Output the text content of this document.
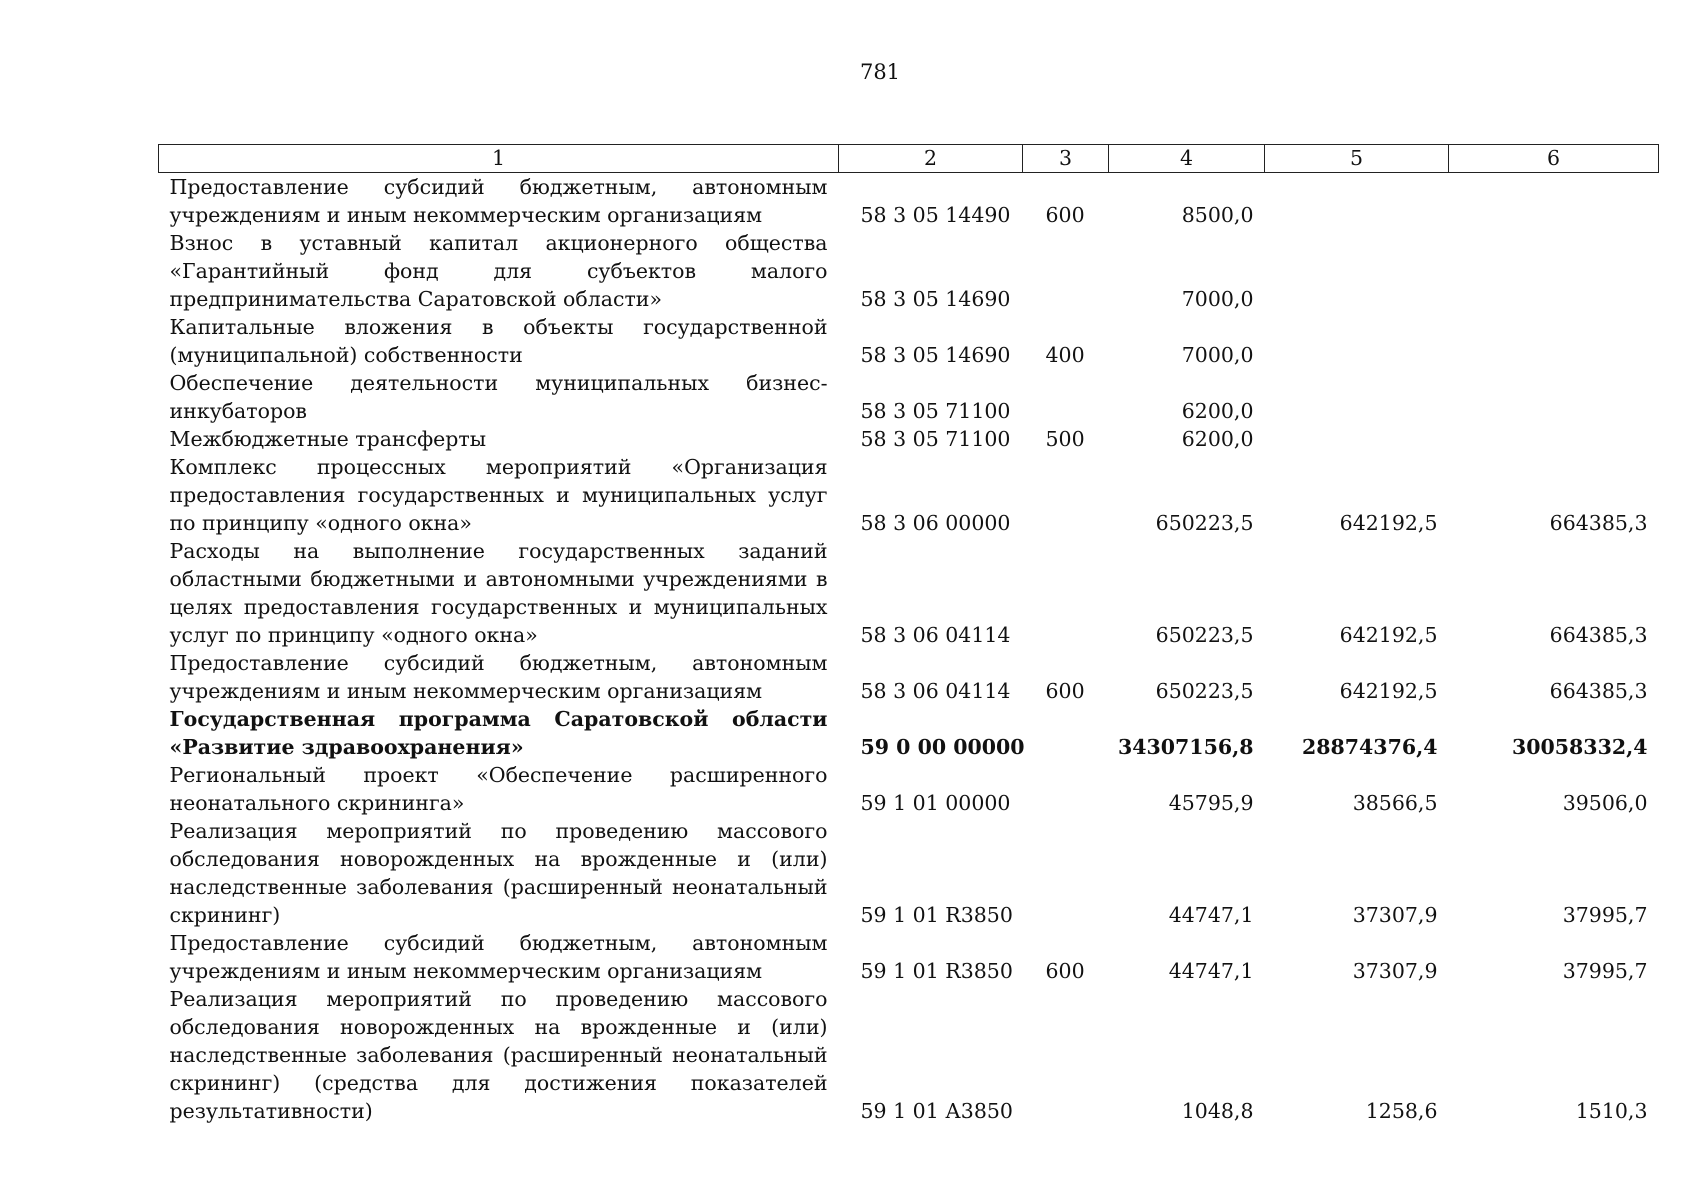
781
1	2	3	4	5	6
Предоставление субсидий бюджетным, автономным учреждениям и иным некоммерческим организациям	58 3 05 14490	600	8500,0		
Взнос в уставный капитал акционерного общества «Гарантийный фонд для субъектов малого предпринимательства Саратовской области»	58 3 05 14690		7000,0		
Капитальные вложения в объекты государственной (муниципальной) собственности	58 3 05 14690	400	7000,0		
Обеспечение деятельности муниципальных бизнес-инкубаторов	58 3 05 71100		6200,0		
Межбюджетные трансферты	58 3 05 71100	500	6200,0		
Комплекс процессных мероприятий «Организация предоставления государственных и муниципальных услуг по принципу «одного окна»	58 3 06 00000		650223,5	642192,5	664385,3
Расходы на выполнение государственных заданий областными бюджетными и автономными учреждениями в целях предоставления государственных и муниципальных услуг по принципу «одного окна»	58 3 06 04114		650223,5	642192,5	664385,3
Предоставление субсидий бюджетным, автономным учреждениям и иным некоммерческим организациям	58 3 06 04114	600	650223,5	642192,5	664385,3
Государственная программа Саратовской области «Развитие здравоохранения»	59 0 00 00000		34307156,8	28874376,4	30058332,4
Региональный проект «Обеспечение расширенного неонатального скрининга»	59 1 01 00000		45795,9	38566,5	39506,0
Реализация мероприятий по проведению массового обследования новорожденных на врожденные и (или) наследственные заболевания (расширенный неонатальный скрининг)	59 1 01 R3850		44747,1	37307,9	37995,7
Предоставление субсидий бюджетным, автономным учреждениям и иным некоммерческим организациям	59 1 01 R3850	600	44747,1	37307,9	37995,7
Реализация мероприятий по проведению массового обследования новорожденных на врожденные и (или) наследственные заболевания (расширенный неонатальный скрининг) (средства для достижения показателей результативности)	59 1 01 А3850		1048,8	1258,6	1510,3
